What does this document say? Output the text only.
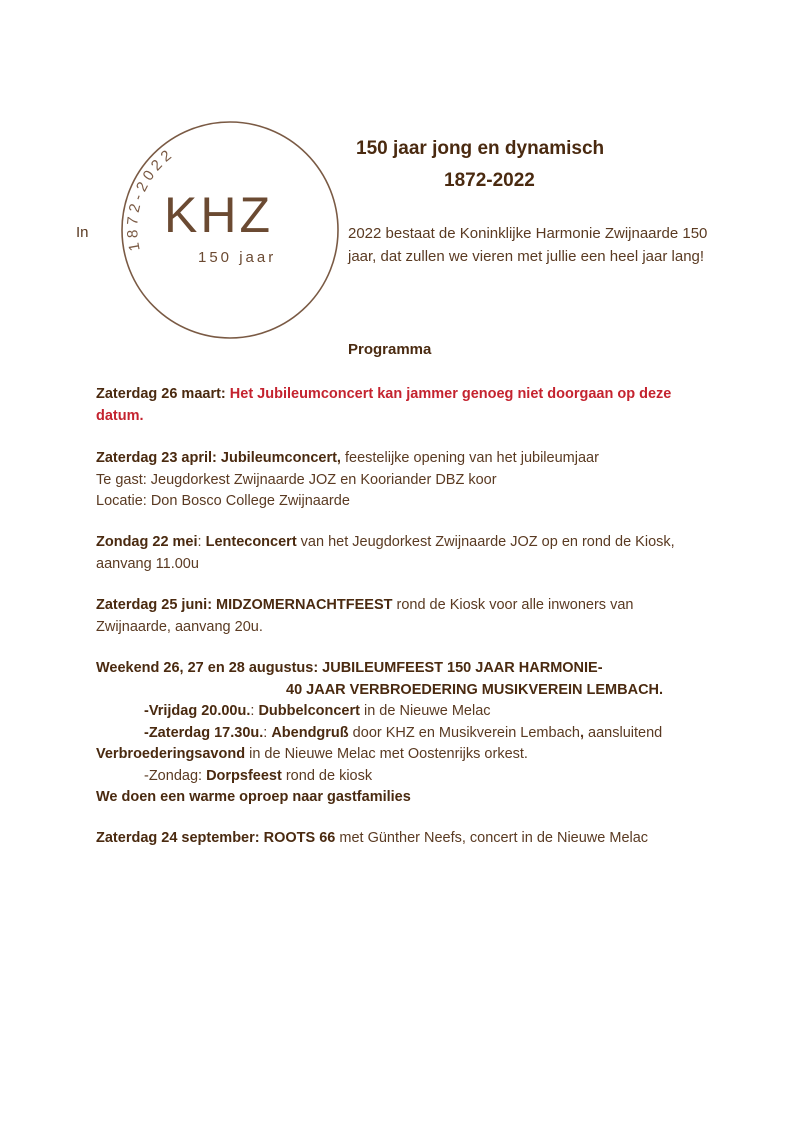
1872-2022
KHZ
150 jaar
In
150 jaar jong en dynamisch
1872-2022
2022 bestaat de Koninklijke Harmonie Zwijnaarde 150 jaar, dat zullen we vieren met jullie een heel jaar lang!
Programma
Zaterdag 26 maart: Het Jubileumconcert kan jammer genoeg niet doorgaan op deze
datum.
Zaterdag 23 april: Jubileumconcert, feestelijke opening van het jubileumjaar
Te gast: Jeugdorkest Zwijnaarde JOZ en Kooriander DBZ koor
Locatie: Don Bosco College Zwijnaarde
Zondag 22 mei: Lenteconcert van het Jeugdorkest Zwijnaarde JOZ op en rond de Kiosk,
aanvang 11.00u
Zaterdag 25 juni: MIDZOMERNACHTFEEST rond de Kiosk voor alle inwoners van
Zwijnaarde, aanvang 20u.
Weekend 26, 27 en 28 augustus: JUBILEUMFEEST 150 JAAR HARMONIE-
40 JAAR VERBROEDERING MUSIKVEREIN LEMBACH.
-Vrijdag 20.00u.: Dubbelconcert in de Nieuwe Melac
-Zaterdag 17.30u.: Abendgruß door KHZ en Musikverein Lembach, aansluitend
Verbroederingsavond in de Nieuwe Melac met Oostenrijks orkest.
-Zondag: Dorpsfeest rond de kiosk
We doen een warme oproep naar gastfamilies
Zaterdag 24 september: ROOTS 66 met Günther Neefs, concert in de Nieuwe Melac
